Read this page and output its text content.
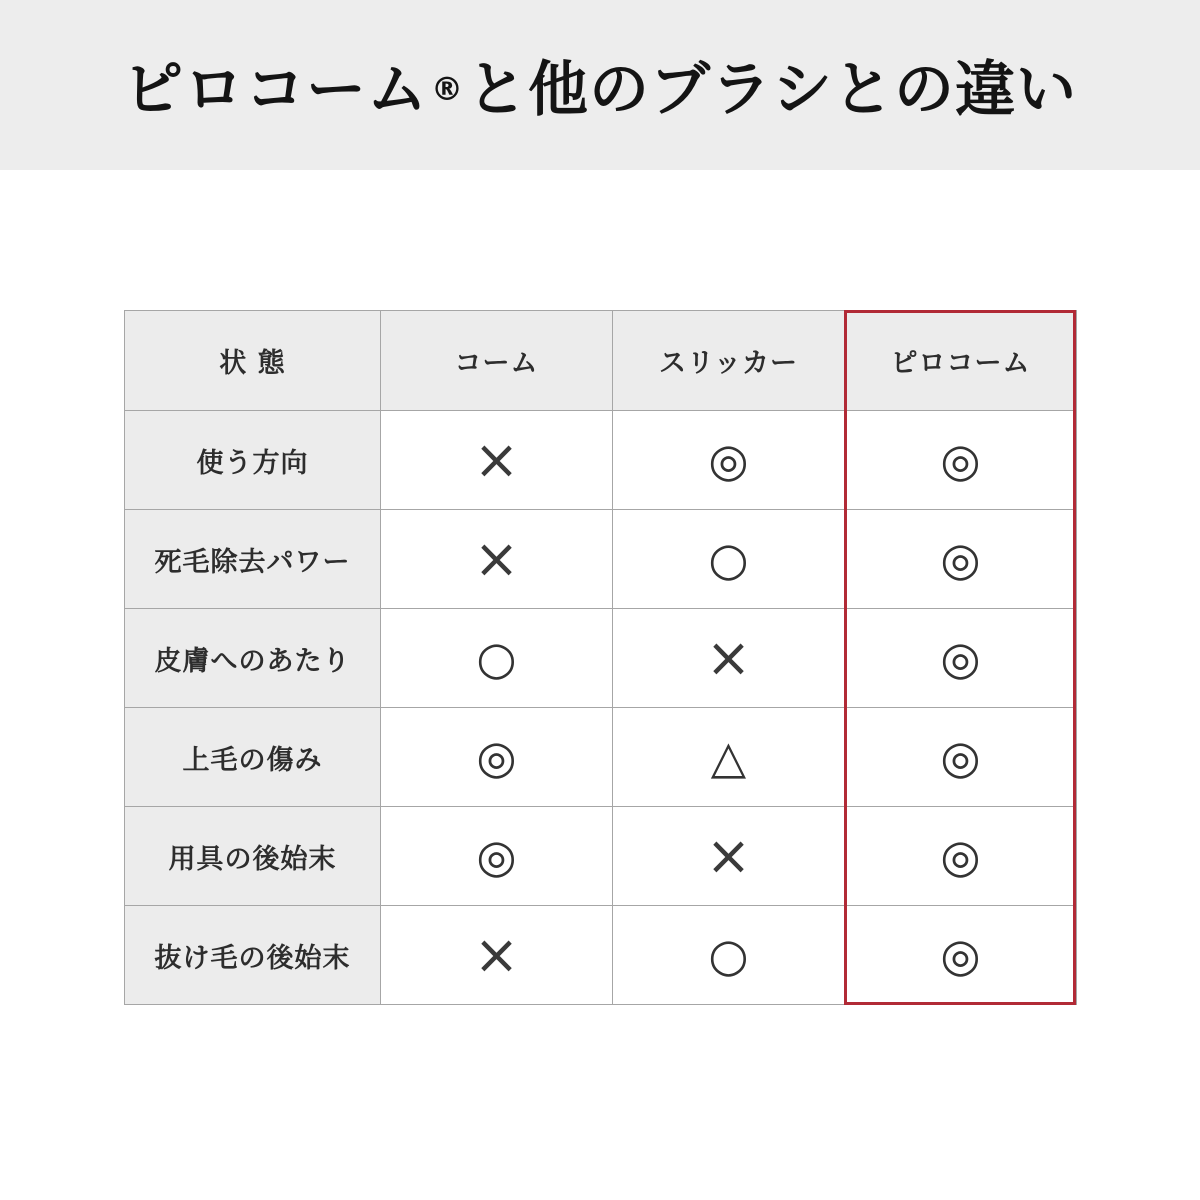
ピロコーム®と他のブラシとの違い
状 態	コーム	スリッカー	ピロコーム
使う方向	×	◎	◎
死毛除去パワー	×	○	◎
皮膚へのあたり	○	×	◎
上毛の傷み	◎	△	◎
用具の後始末	◎	×	◎
抜け毛の後始末	×	○	◎
